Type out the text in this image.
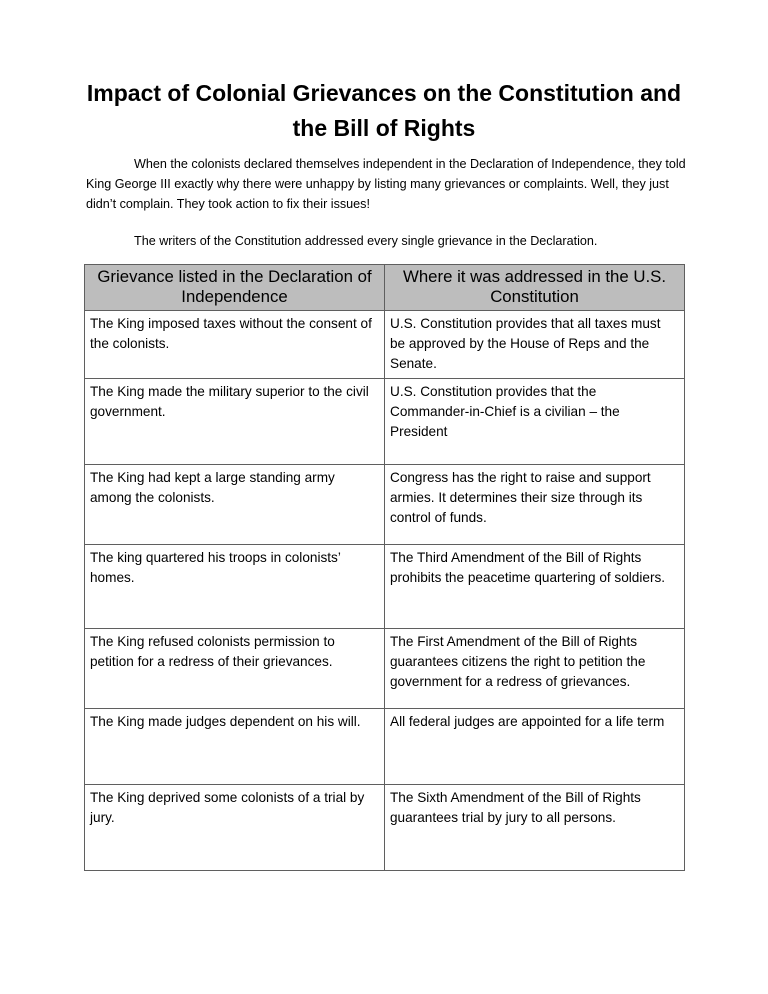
Impact of Colonial Grievances on the Constitution and
the Bill of Rights

When the colonists declared themselves independent in the Declaration of Independence, they told King George III exactly why there were unhappy by listing many grievances or complaints. Well, they just didn’t complain. They took action to fix their issues!

The writers of the Constitution addressed every single grievance in the Declaration.

Grievance listed in the Declaration of Independence	Where it was addressed in the U.S. Constitution
The King imposed taxes without the consent of the colonists.	U.S. Constitution provides that all taxes must be approved by the House of Reps and the Senate.
The King made the military superior to the civil government.	U.S. Constitution provides that the Commander-in-Chief is a civilian – the President
The King had kept a large standing army among the colonists.	Congress has the right to raise and support armies. It determines their size through its control of funds.
The king quartered his troops in colonists’ homes.	The Third Amendment of the Bill of Rights prohibits the peacetime quartering of soldiers.
The King refused colonists permission to petition for a redress of their grievances.	The First Amendment of the Bill of Rights guarantees citizens the right to petition the government for a redress of grievances.
The King made judges dependent on his will.	All federal judges are appointed for a life term
The King deprived some colonists of a trial by jury.	The Sixth Amendment of the Bill of Rights guarantees trial by jury to all persons.
